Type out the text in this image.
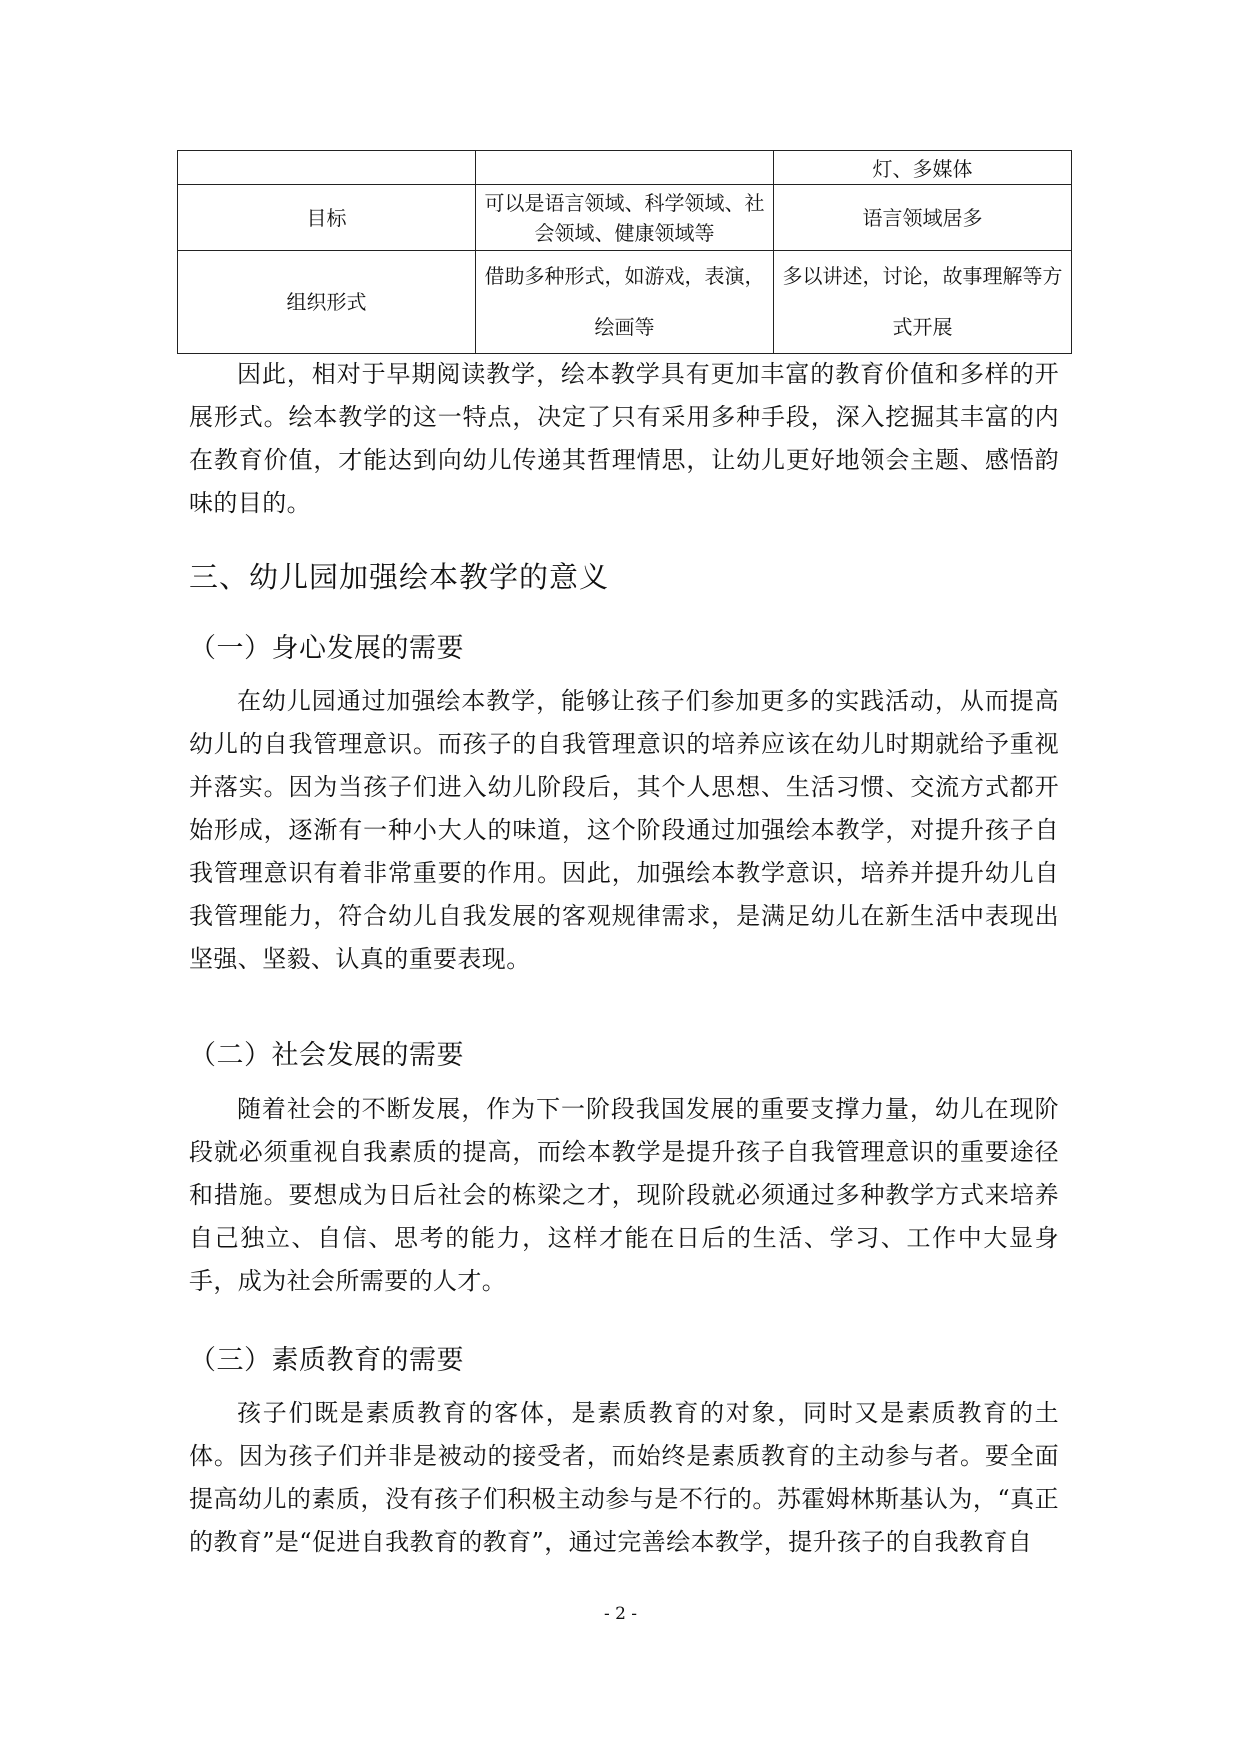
		灯、多媒体
目标	可以是语言领域、科学领域、社会领域、健康领域等	语言领域居多
组织形式	借助多种形式，如游戏，表演，绘画等	多以讲述，讨论，故事理解等方式开展

因此，相对于早期阅读教学，绘本教学具有更加丰富的教育价值和多样的开展形式。绘本教学的这一特点，决定了只有采用多种手段，深入挖掘其丰富的内在教育价值，才能达到向幼儿传递其哲理情思，让幼儿更好地领会主题、感悟韵味的目的。

三、幼儿园加强绘本教学的意义
（一）身心发展的需要

在幼儿园通过加强绘本教学，能够让孩子们参加更多的实践活动，从而提高幼儿的自我管理意识。而孩子的自我管理意识的培养应该在幼儿时期就给予重视并落实。因为当孩子们进入幼儿阶段后，其个人思想、生活习惯、交流方式都开始形成，逐渐有一种小大人的味道，这个阶段通过加强绘本教学，对提升孩子自我管理意识有着非常重要的作用。因此，加强绘本教学意识，培养并提升幼儿自我管理能力，符合幼儿自我发展的客观规律需求，是满足幼儿在新生活中表现出坚强、坚毅、认真的重要表现。

（二）社会发展的需要

随着社会的不断发展，作为下一阶段我国发展的重要支撑力量，幼儿在现阶段就必须重视自我素质的提高，而绘本教学是提升孩子自我管理意识的重要途径和措施。要想成为日后社会的栋梁之才，现阶段就必须通过多种教学方式来培养自己独立、自信、思考的能力，这样才能在日后的生活、学习、工作中大显身手，成为社会所需要的人才。

（三）素质教育的需要

孩子们既是素质教育的客体，是素质教育的对象，同时又是素质教育的土体。因为孩子们并非是被动的接受者，而始终是素质教育的主动参与者。要全面提高幼儿的素质，没有孩子们积极主动参与是不行的。苏霍姆林斯基认为，“真正的教育”是“促进自我教育的教育”，通过完善绘本教学，提升孩子的自我教育自

- 2 -
